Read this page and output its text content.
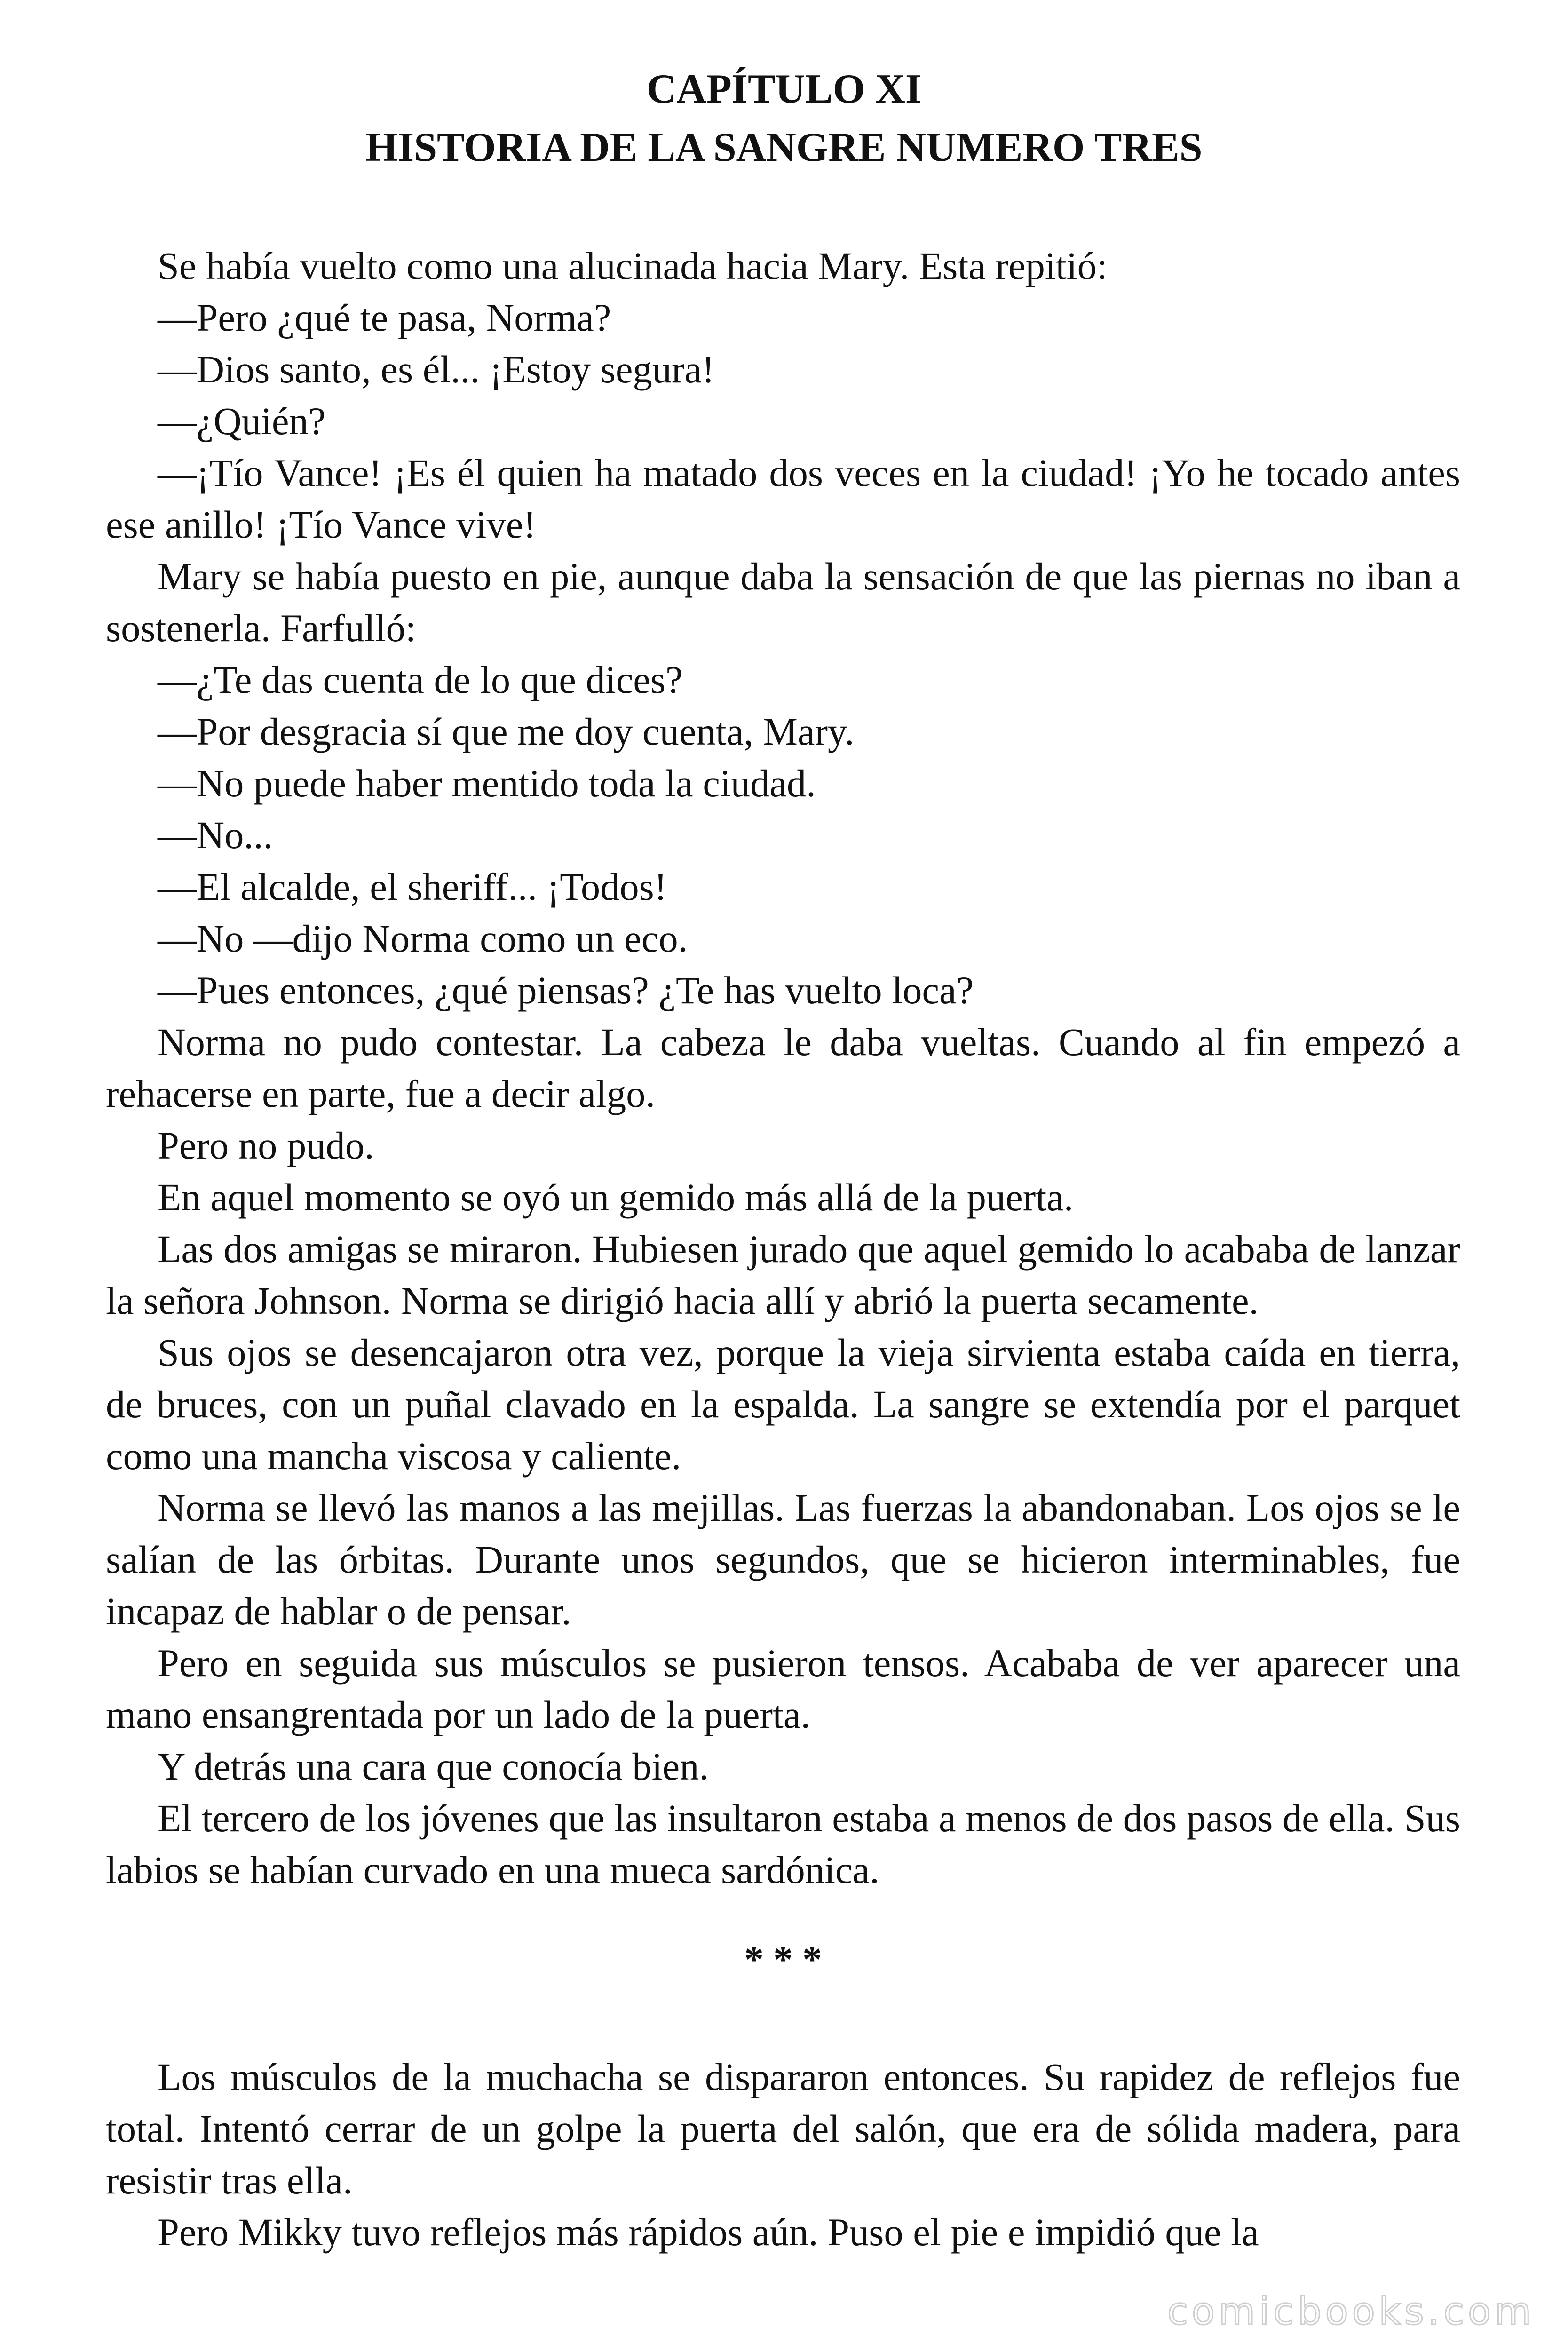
CAPÍTULO XI
HISTORIA DE LA SANGRE NUMERO TRES

Se había vuelto como una alucinada hacia Mary. Esta repitió:

—Pero ¿qué te pasa, Norma?

—Dios santo, es él... ¡Estoy segura!

—¿Quién?

—¡Tío Vance! ¡Es él quien ha matado dos veces en la ciudad! ¡Yo he tocado antes ese anillo! ¡Tío Vance vive!

Mary se había puesto en pie, aunque daba la sensación de que las piernas no iban a sostenerla. Farfulló:

—¿Te das cuenta de lo que dices?

—Por desgracia sí que me doy cuenta, Mary.

—No puede haber mentido toda la ciudad.

—No...

—El alcalde, el sheriff... ¡Todos!

—No —dijo Norma como un eco.

—Pues entonces, ¿qué piensas? ¿Te has vuelto loca?

Norma no pudo contestar. La cabeza le daba vueltas. Cuando al fin empezó a rehacerse en parte, fue a decir algo.

Pero no pudo.

En aquel momento se oyó un gemido más allá de la puerta.

Las dos amigas se miraron. Hubiesen jurado que aquel gemido lo acababa de lanzar la señora Johnson. Norma se dirigió hacia allí y abrió la puerta secamente.

Sus ojos se desencajaron otra vez, porque la vieja sirvienta estaba caída en tierra, de bruces, con un puñal clavado en la espalda. La sangre se extendía por el parquet como una mancha viscosa y caliente.

Norma se llevó las manos a las mejillas. Las fuerzas la abandonaban. Los ojos se le salían de las órbitas. Durante unos segundos, que se hicieron interminables, fue incapaz de hablar o de pensar.

Pero en seguida sus músculos se pusieron tensos. Acababa de ver aparecer una mano ensangrentada por un lado de la puerta.

Y detrás una cara que conocía bien.

El tercero de los jóvenes que las insultaron estaba a menos de dos pasos de ella. Sus labios se habían curvado en una mueca sardónica.

* * *

Los músculos de la muchacha se dispararon entonces. Su rapidez de reflejos fue total. Intentó cerrar de un golpe la puerta del salón, que era de sólida madera, para resistir tras ella.

Pero Mikky tuvo reflejos más rápidos aún. Puso el pie e impidió que la

comicbooks.com
